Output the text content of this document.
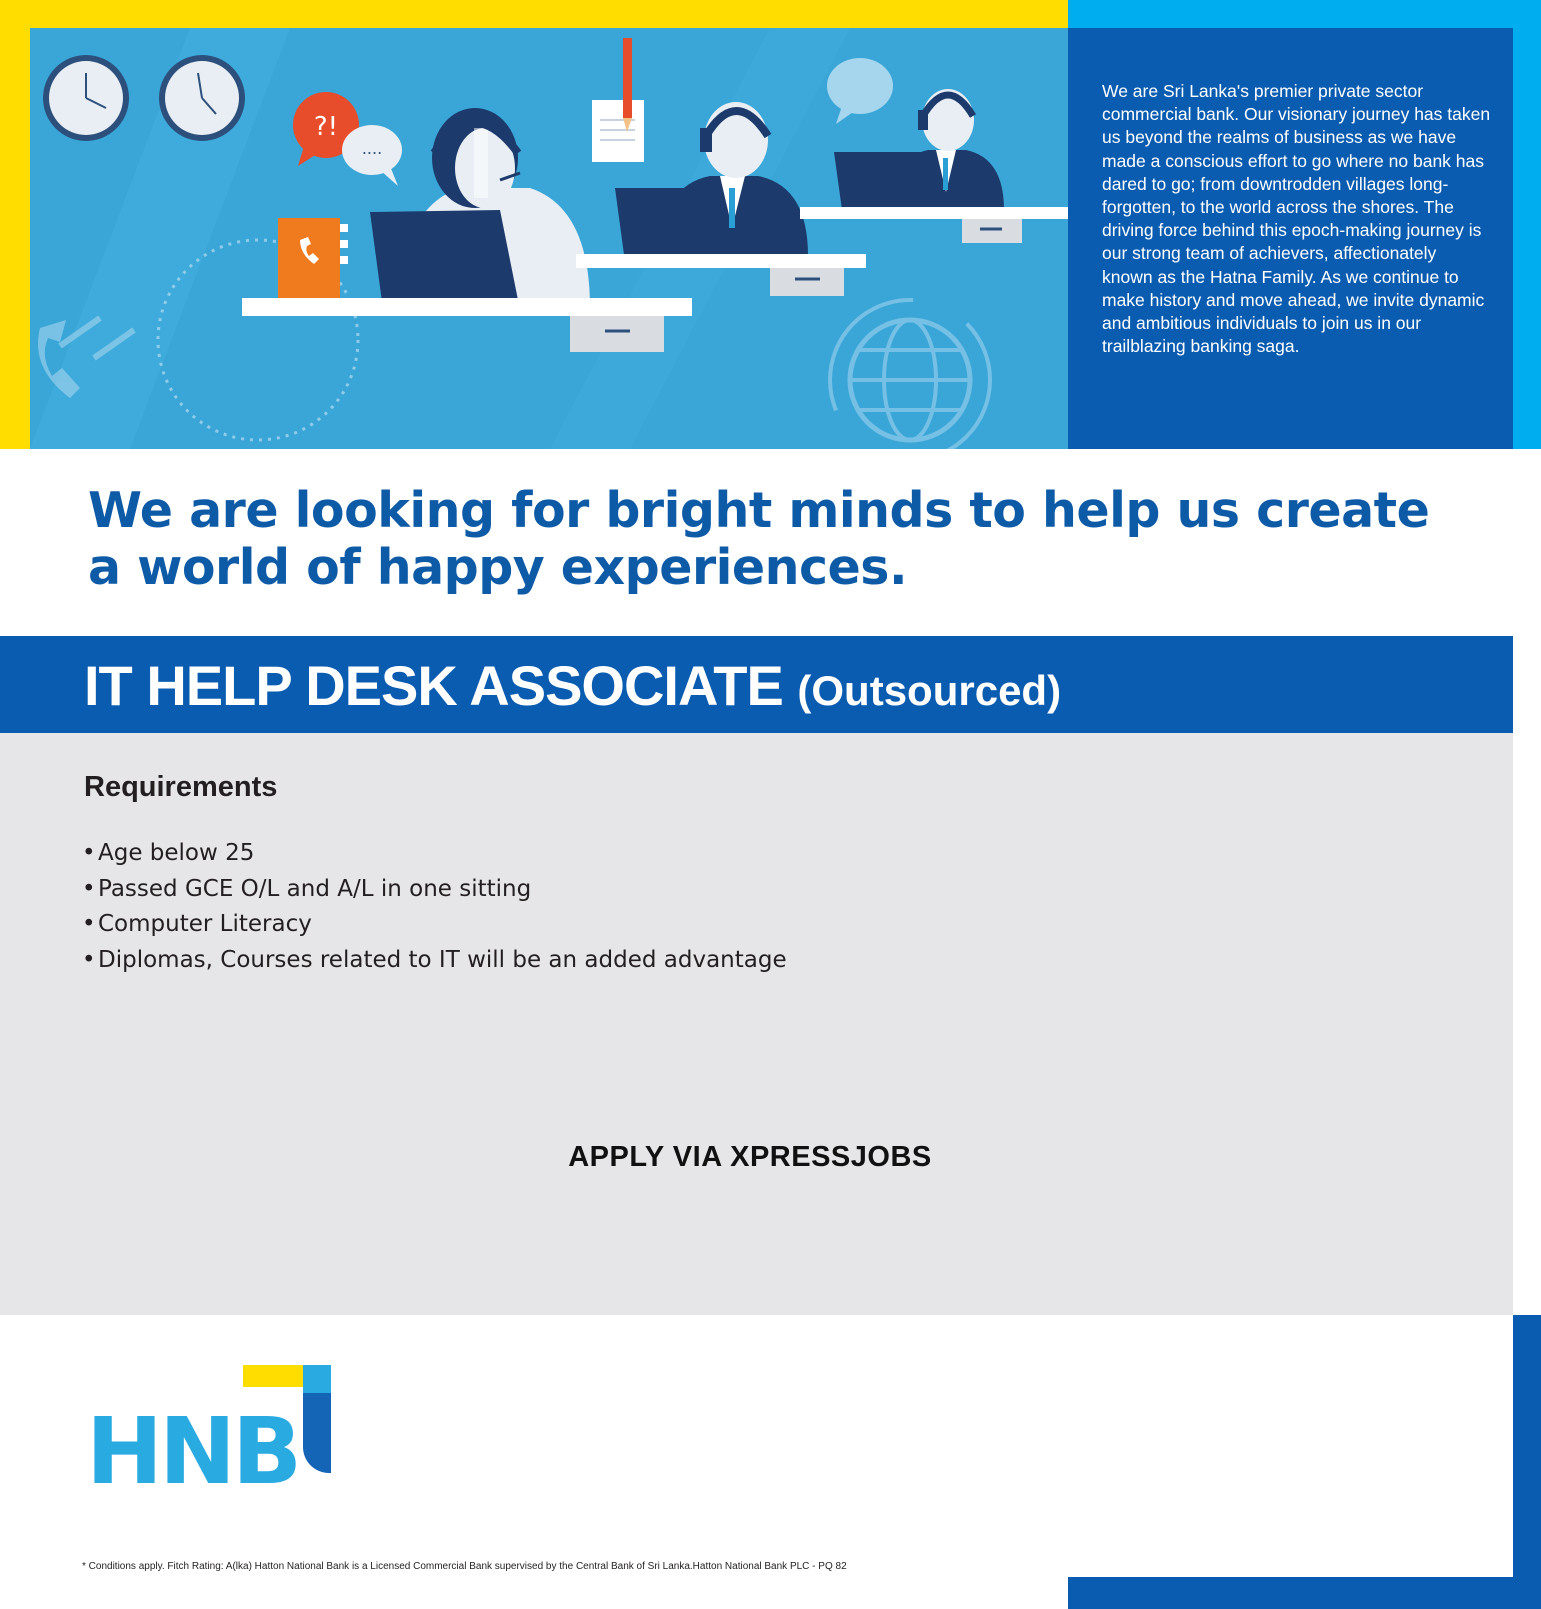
?!
....

We are Sri Lanka's premier private sector commercial bank. Our visionary journey has taken us beyond the realms of business as we have made a conscious effort to go where no bank has dared to go; from downtrodden villages long-forgotten, to the world across the shores. The driving force behind this epoch-making journey is our strong team of achievers, affectionately known as the Hatna Family. As we continue to make history and move ahead, we invite dynamic and ambitious individuals to join us in our trailblazing banking saga.

We are looking for bright minds to help us create
a world of happy experiences.
IT HELP DESK ASSOCIATE (Outsourced)
Requirements
• Age below 25
• Passed GCE O/L and A/L in one sitting
• Computer Literacy
• Diplomas, Courses related to IT will be an added advantage
APPLY VIA XPRESSJOBS
HNB

* Conditions apply. Fitch Rating: A(lka) Hatton National Bank is a Licensed Commercial Bank supervised by the Central Bank of Sri Lanka.Hatton National Bank PLC - PQ 82
